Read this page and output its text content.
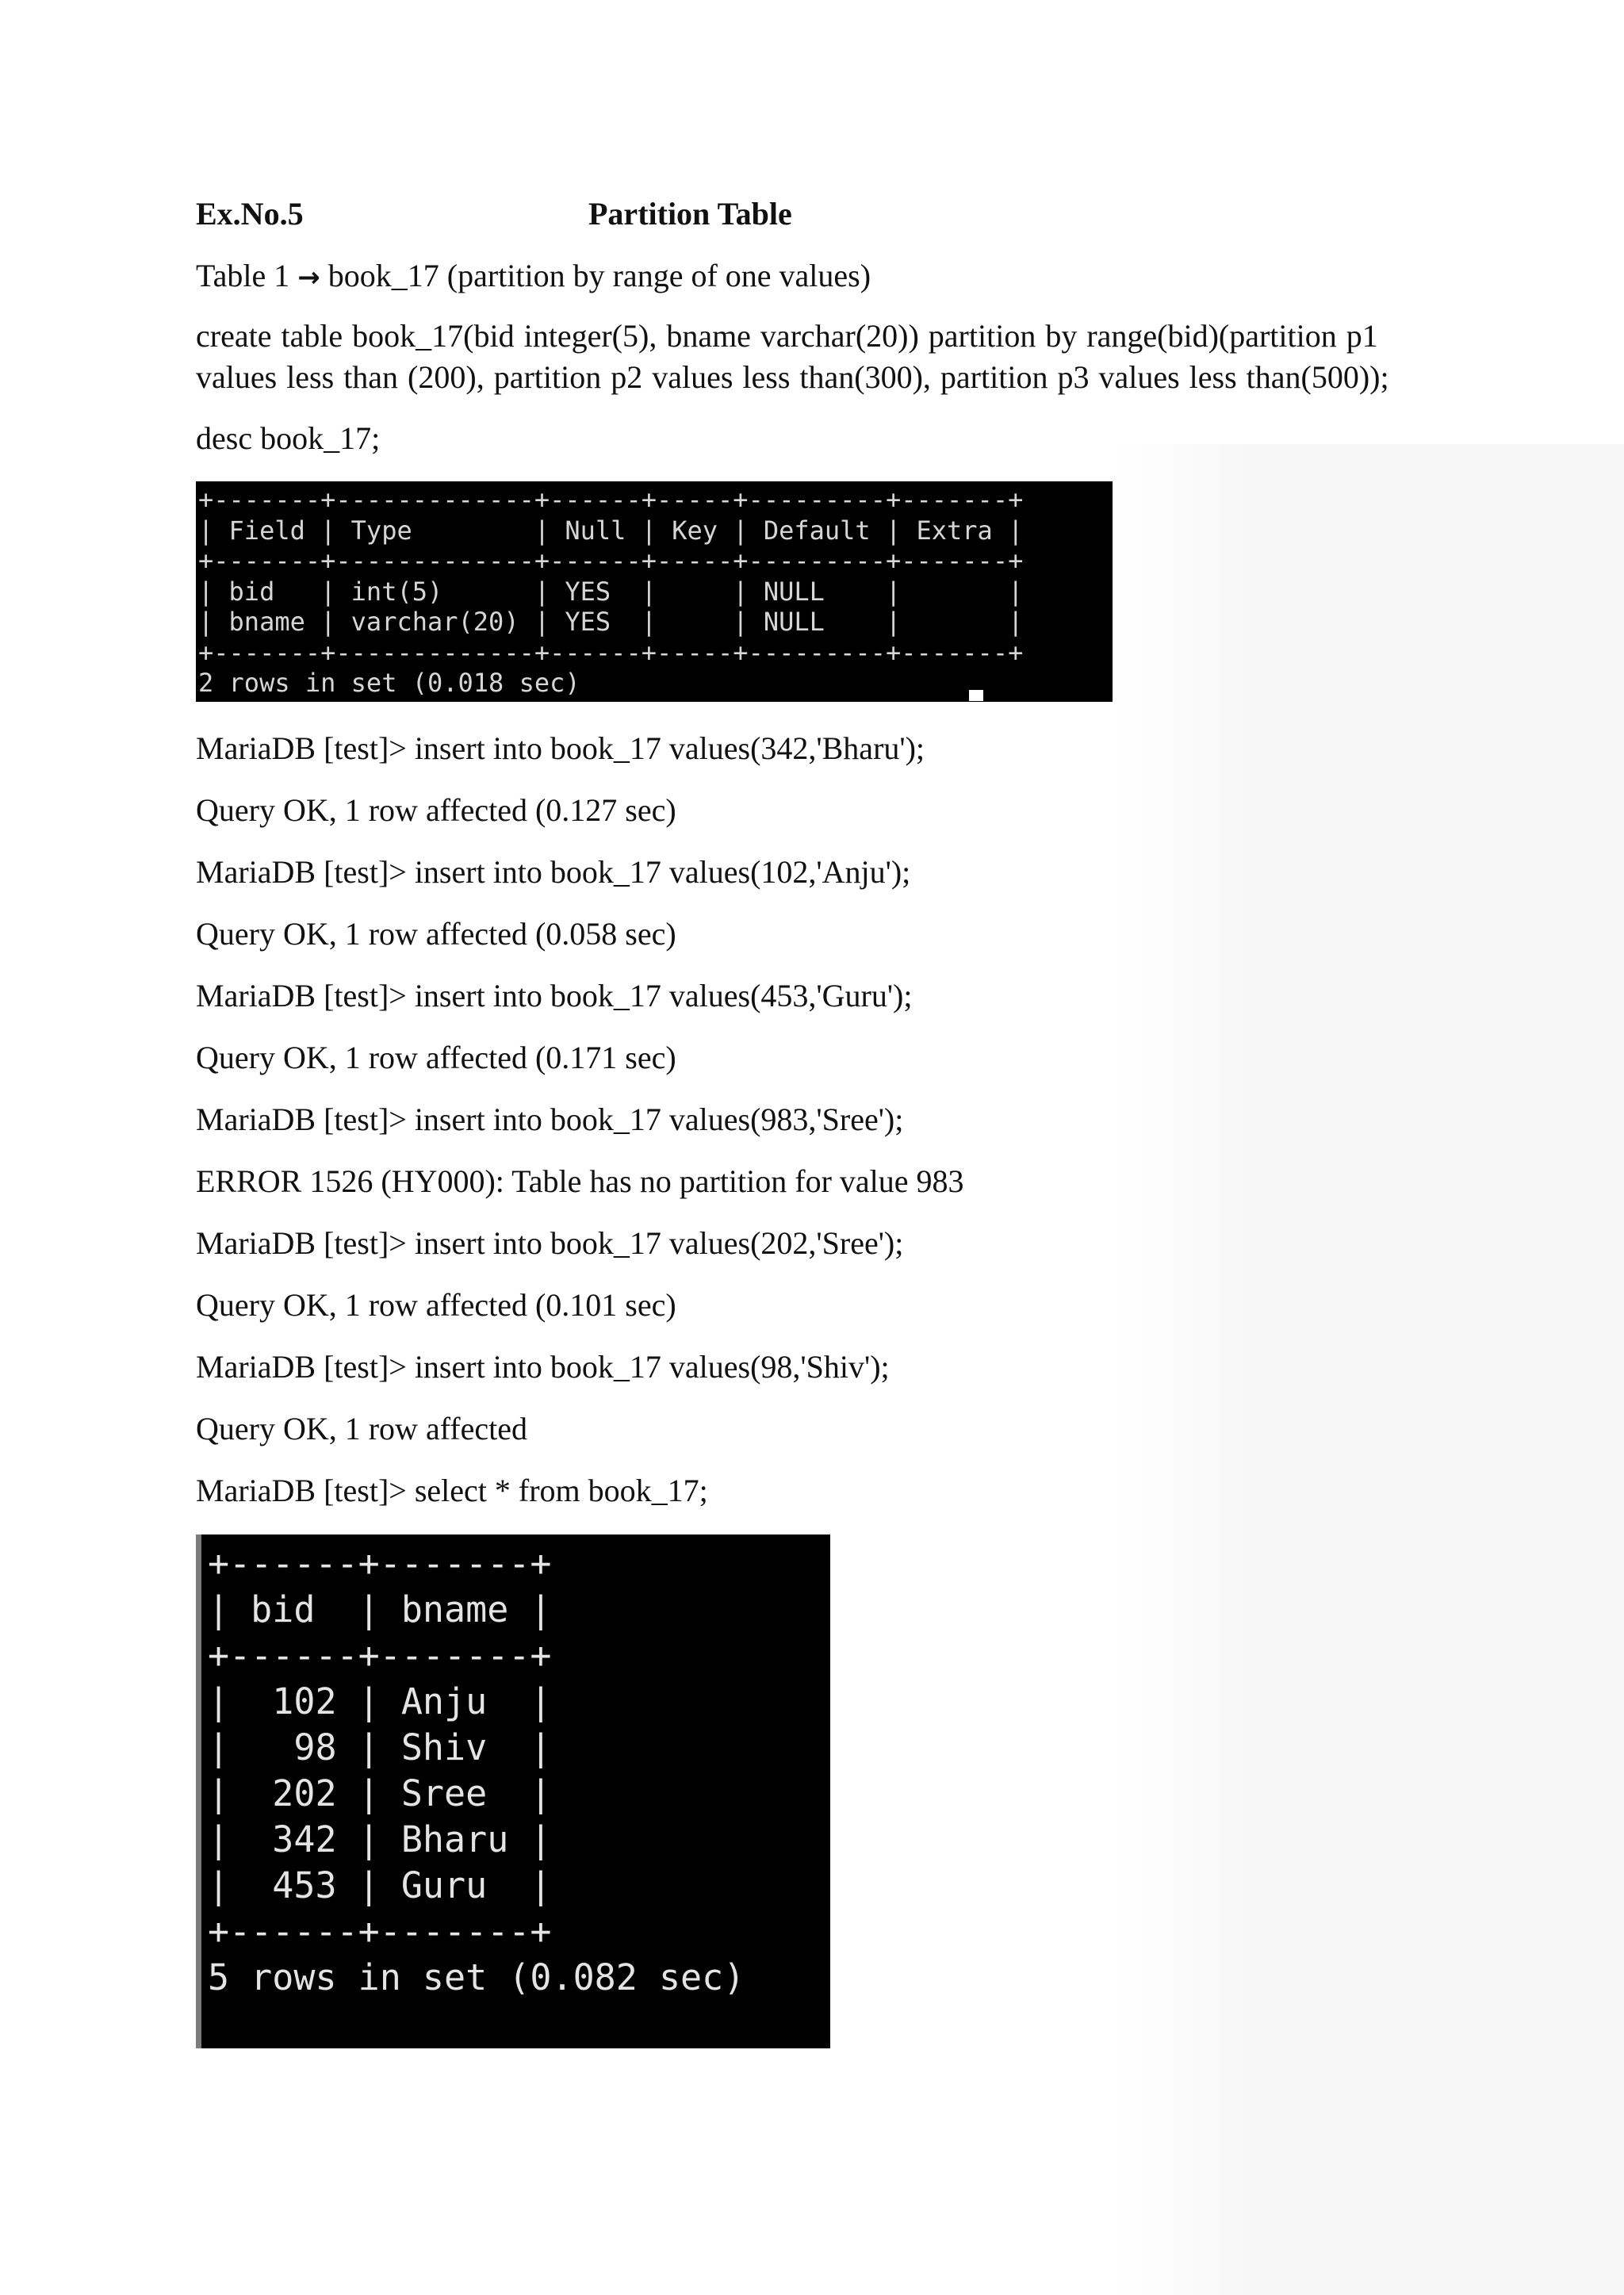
Ex.No.5	Partition Table
Table 1 → book_17 (partition by range of one values)
create table book_17(bid integer(5), bname varchar(20)) partition by range(bid)(partition p1
values less than (200), partition p2 values less than(300), partition p3 values less than(500));
desc book_17;
+-------+-------------+------+-----+---------+-------+
| Field | Type        | Null | Key | Default | Extra |
+-------+-------------+------+-----+---------+-------+
| bid   | int(5)      | YES  |     | NULL    |       |
| bname | varchar(20) | YES  |     | NULL    |       |
+-------+-------------+------+-----+---------+-------+
2 rows in set (0.018 sec)
MariaDB [test]> insert into book_17 values(342,'Bharu');
Query OK, 1 row affected (0.127 sec)
MariaDB [test]> insert into book_17 values(102,'Anju');
Query OK, 1 row affected (0.058 sec)
MariaDB [test]> insert into book_17 values(453,'Guru');
Query OK, 1 row affected (0.171 sec)
MariaDB [test]> insert into book_17 values(983,'Sree');
ERROR 1526 (HY000): Table has no partition for value 983
MariaDB [test]> insert into book_17 values(202,'Sree');
Query OK, 1 row affected (0.101 sec)
MariaDB [test]> insert into book_17 values(98,'Shiv');
Query OK, 1 row affected
MariaDB [test]> select * from book_17;
+------+-------+
| bid  | bname |
+------+-------+
|  102 | Anju  |
|   98 | Shiv  |
|  202 | Sree  |
|  342 | Bharu |
|  453 | Guru  |
+------+-------+
5 rows in set (0.082 sec)
